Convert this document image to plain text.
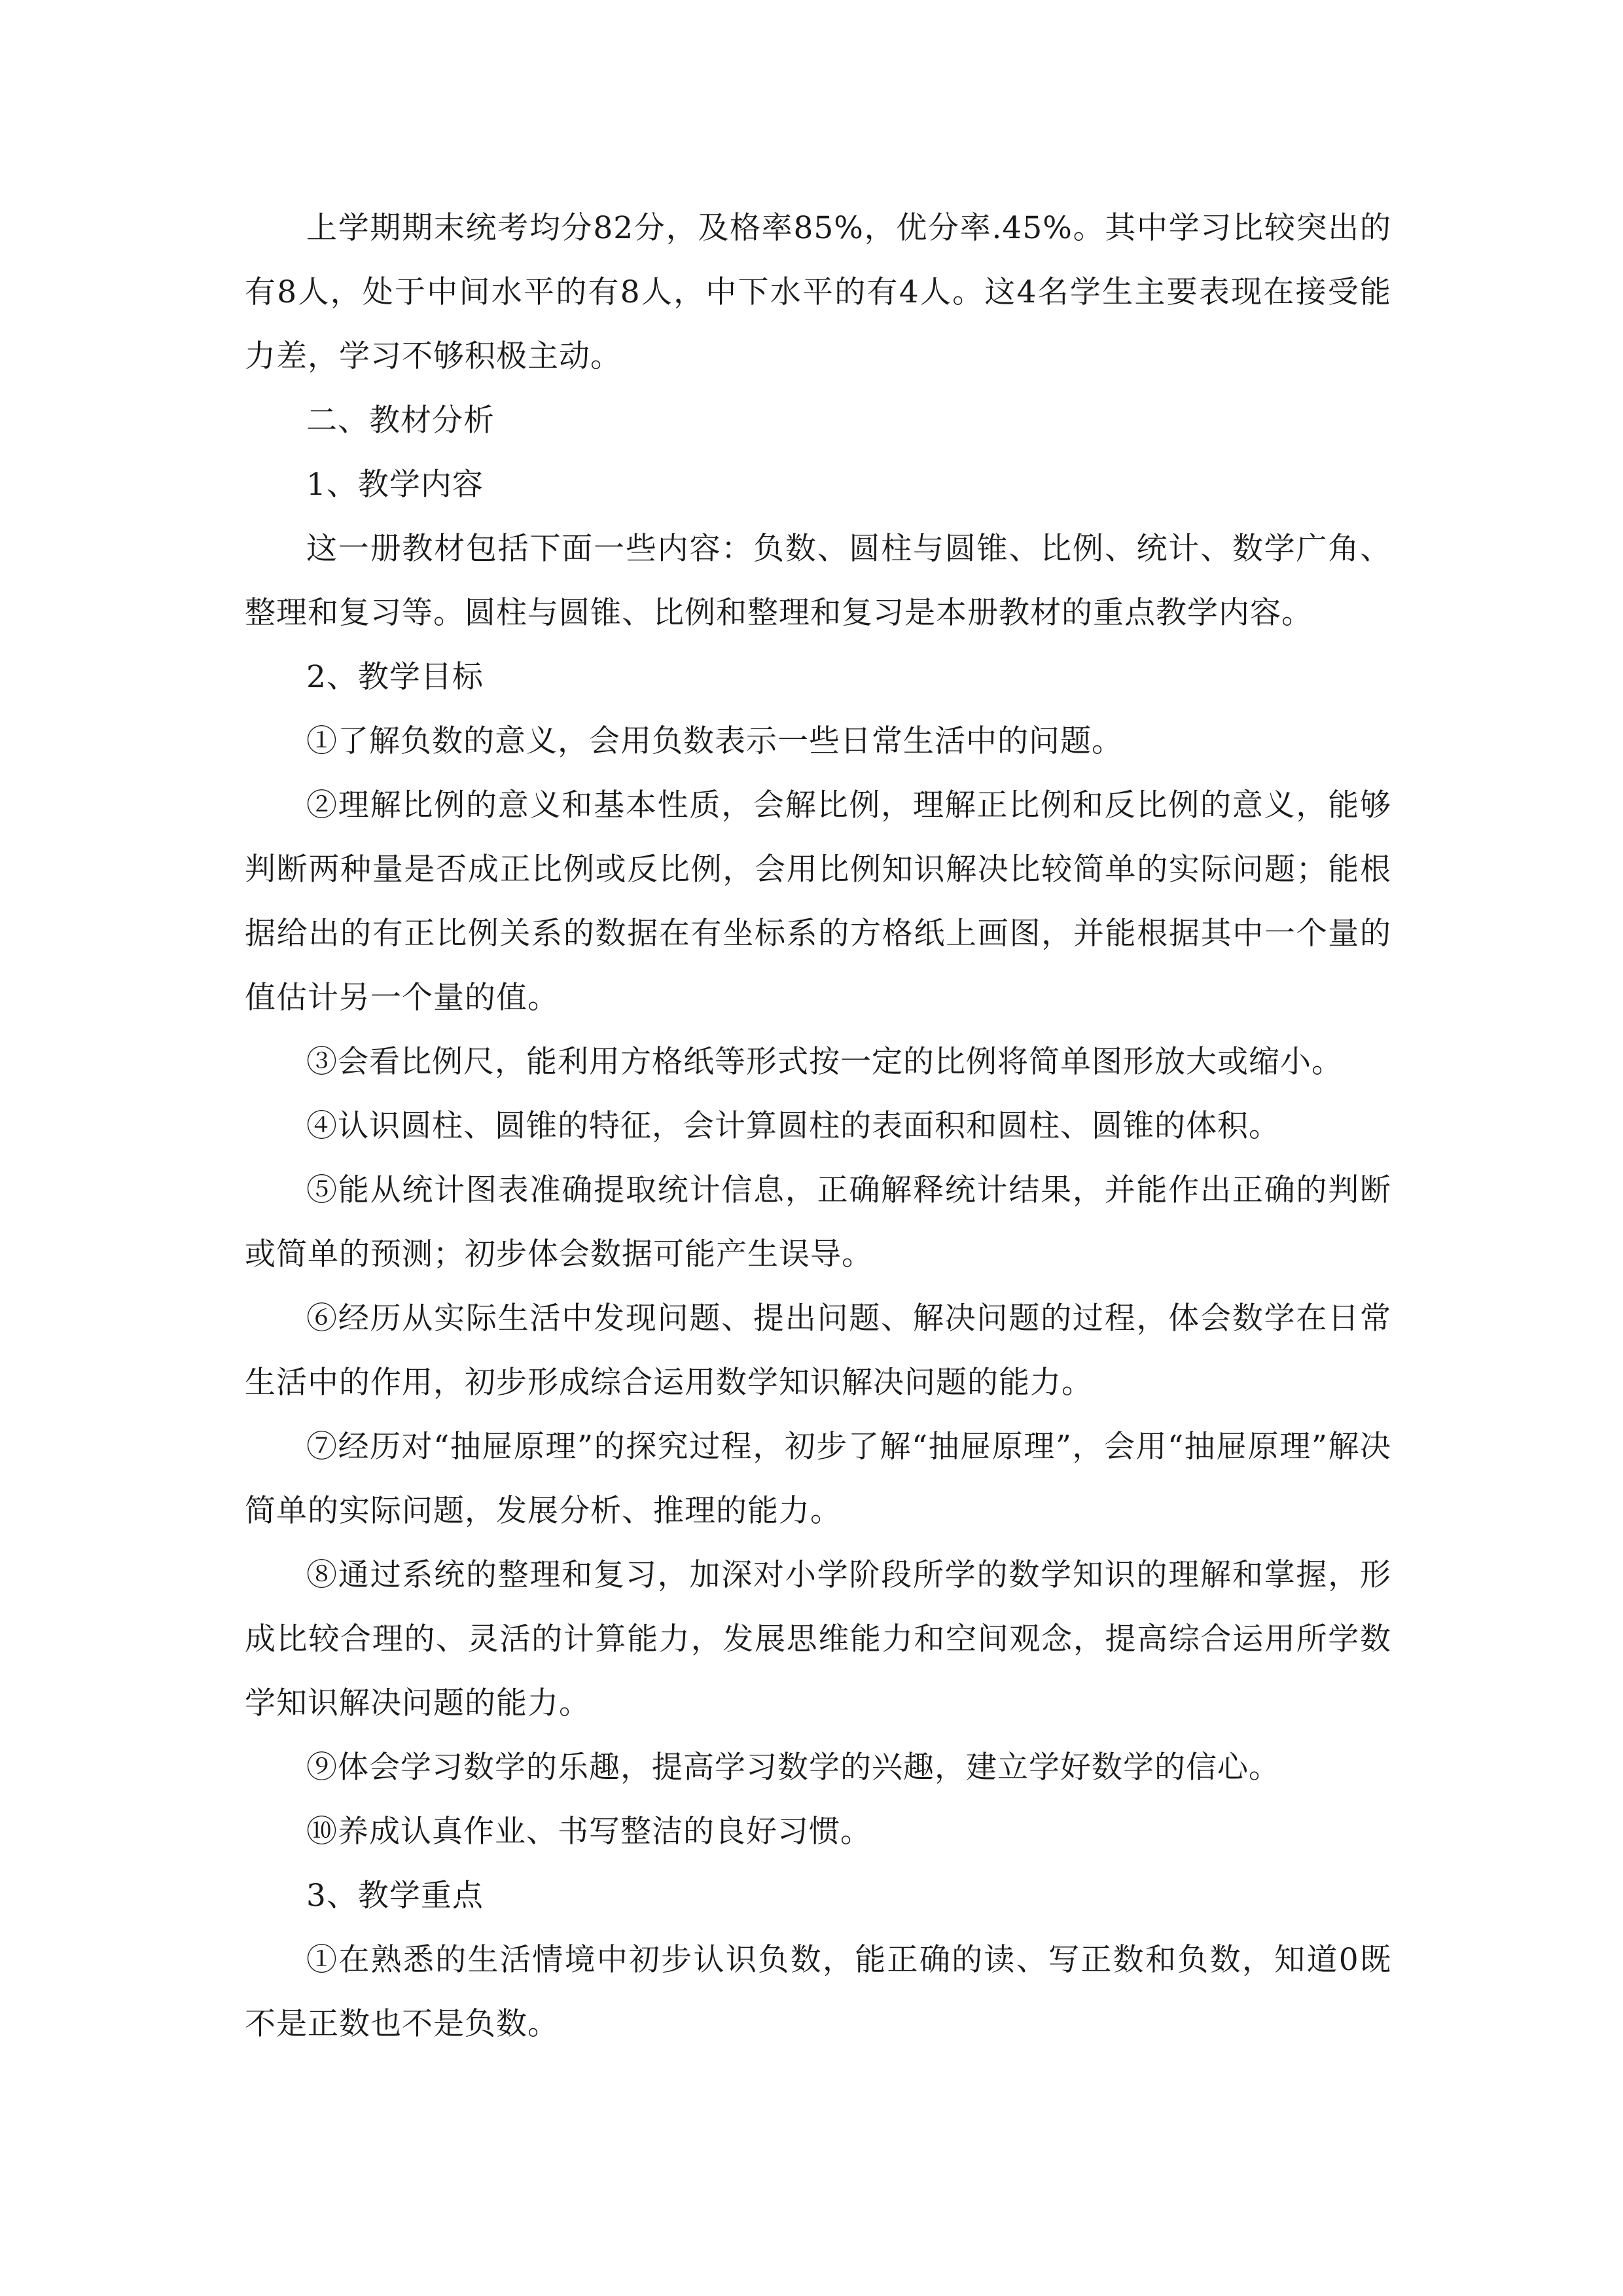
上学期期末统考均分82分，及格率85%，优分率.45%。其中学习比较突出的有8人，处于中间水平的有8人，中下水平的有4人。这4名学生主要表现在接受能力差，学习不够积极主动。

二、教材分析

1、教学内容

这一册教材包括下面一些内容：负数、圆柱与圆锥、比例、统计、数学广角、整理和复习等。圆柱与圆锥、比例和整理和复习是本册教材的重点教学内容。

2、教学目标

①了解负数的意义，会用负数表示一些日常生活中的问题。

②理解比例的意义和基本性质，会解比例，理解正比例和反比例的意义，能够判断两种量是否成正比例或反比例，会用比例知识解决比较简单的实际问题；能根据给出的有正比例关系的数据在有坐标系的方格纸上画图，并能根据其中一个量的值估计另一个量的值。

③会看比例尺，能利用方格纸等形式按一定的比例将简单图形放大或缩小。

④认识圆柱、圆锥的特征，会计算圆柱的表面积和圆柱、圆锥的体积。

⑤能从统计图表准确提取统计信息，正确解释统计结果，并能作出正确的判断或简单的预测；初步体会数据可能产生误导。

⑥经历从实际生活中发现问题、提出问题、解决问题的过程，体会数学在日常生活中的作用，初步形成综合运用数学知识解决问题的能力。

⑦经历对“抽屉原理”的探究过程，初步了解“抽屉原理”，会用“抽屉原理”解决简单的实际问题，发展分析、推理的能力。

⑧通过系统的整理和复习，加深对小学阶段所学的数学知识的理解和掌握，形成比较合理的、灵活的计算能力，发展思维能力和空间观念，提高综合运用所学数学知识解决问题的能力。

⑨体会学习数学的乐趣，提高学习数学的兴趣，建立学好数学的信心。

⑩养成认真作业、书写整洁的良好习惯。

3、教学重点

①在熟悉的生活情境中初步认识负数，能正确的读、写正数和负数，知道0既不是正数也不是负数。
